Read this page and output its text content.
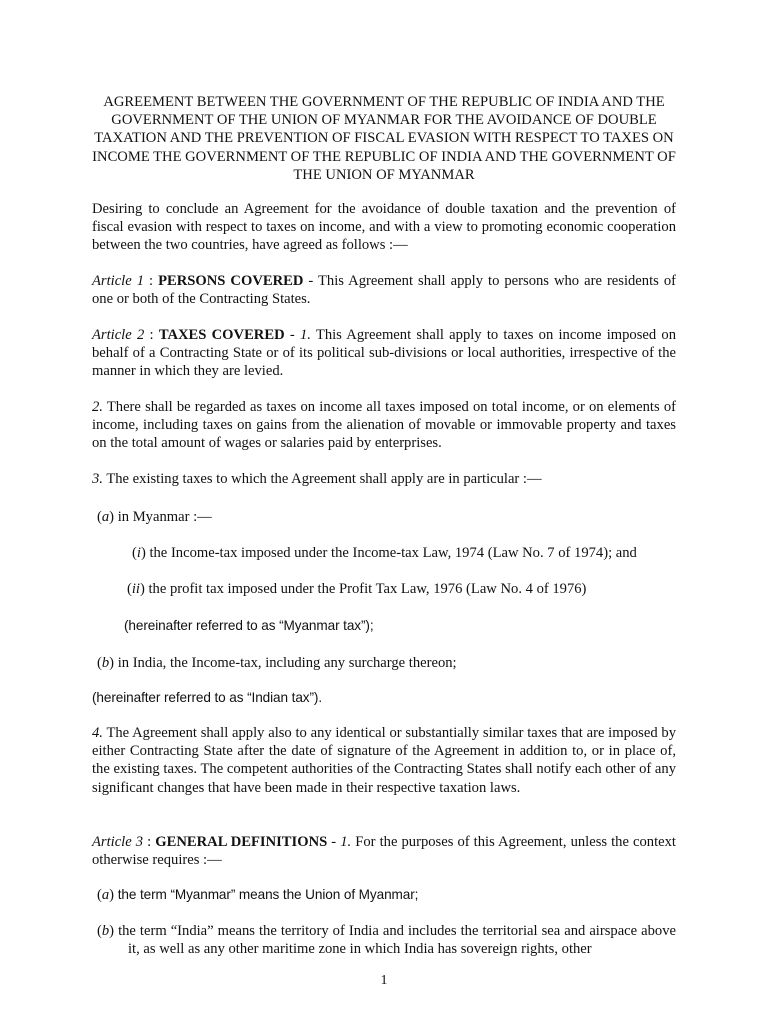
AGREEMENT BETWEEN THE GOVERNMENT OF THE REPUBLIC OF INDIA AND THE GOVERNMENT OF THE UNION OF MYANMAR FOR THE AVOIDANCE OF DOUBLE TAXATION AND THE PREVENTION OF FISCAL EVASION WITH RESPECT TO TAXES ON INCOME THE GOVERNMENT OF THE REPUBLIC OF INDIA AND THE GOVERNMENT OF THE UNION OF MYANMAR

Desiring to conclude an Agreement for the avoidance of double taxation and the prevention of fiscal evasion with respect to taxes on income, and with a view to promoting economic cooperation between the two countries, have agreed as follows :—

Article 1 : PERSONS COVERED - This Agreement shall apply to persons who are residents of one or both of the Contracting States.

Article 2 : TAXES COVERED - 1. This Agreement shall apply to taxes on income imposed on behalf of a Contracting State or of its political sub-divisions or local authorities, irrespective of the manner in which they are levied.

2. There shall be regarded as taxes on income all taxes imposed on total income, or on elements of income, including taxes on gains from the alienation of movable or immovable property and taxes on the total amount of wages or salaries paid by enterprises.

3. The existing taxes to which the Agreement shall apply are in particular :—

(a) in Myanmar :—

(i) the Income-tax imposed under the Income-tax Law, 1974 (Law No. 7 of 1974); and

(ii) the profit tax imposed under the Profit Tax Law, 1976 (Law No. 4 of 1976)

(hereinafter referred to as “Myanmar tax”);

(b) in India, the Income-tax, including any surcharge thereon;

(hereinafter referred to as “Indian tax”).

4. The Agreement shall apply also to any identical or substantially similar taxes that are imposed by either Contracting State after the date of signature of the Agreement in addition to, or in place of, the existing taxes. The competent authorities of the Contracting States shall notify each other of any significant changes that have been made in their respective taxation laws.

Article 3 : GENERAL DEFINITIONS - 1. For the purposes of this Agreement, unless the context otherwise requires :—

(a) the term “Myanmar” means the Union of Myanmar;

(b) the term “India” means the territory of India and includes the territorial sea and airspace above it, as well as any other maritime zone in which India has sovereign rights, other

1
